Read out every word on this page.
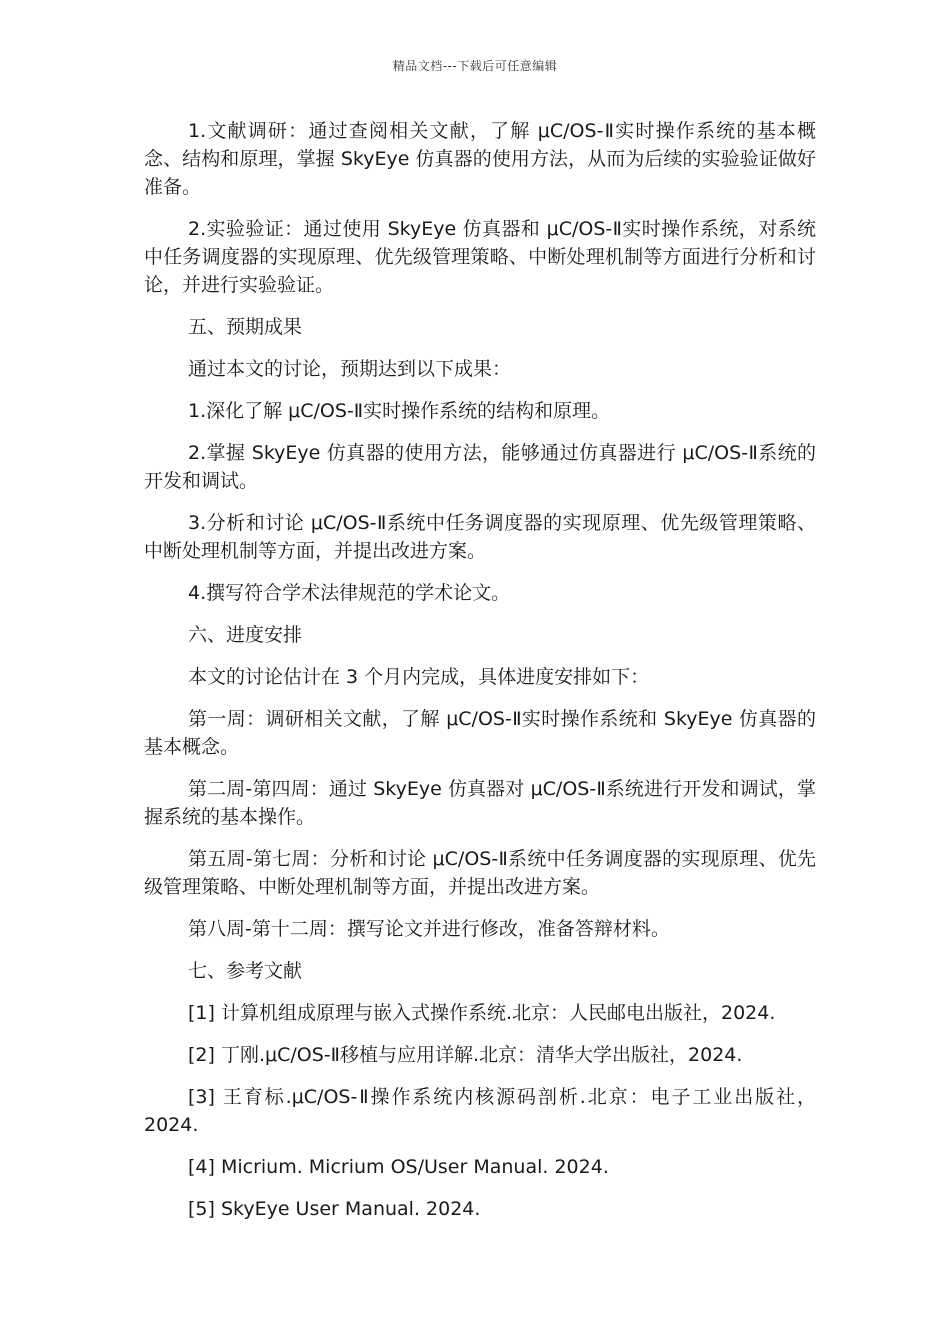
精品文档---下载后可任意编辑

1.文献调研：通过查阅相关文献，了解 μC/OS-Ⅱ实时操作系统的基本概念、结构和原理，掌握 SkyEye 仿真器的使用方法，从而为后续的实验验证做好准备。

2.实验验证：通过使用 SkyEye 仿真器和 μC/OS-Ⅱ实时操作系统，对系统中任务调度器的实现原理、优先级管理策略、中断处理机制等方面进行分析和讨论，并进行实验验证。

五、预期成果

通过本文的讨论，预期达到以下成果：

1.深化了解 μC/OS-Ⅱ实时操作系统的结构和原理。

2.掌握 SkyEye 仿真器的使用方法，能够通过仿真器进行 μC/OS-Ⅱ系统的开发和调试。

3.分析和讨论 μC/OS-Ⅱ系统中任务调度器的实现原理、优先级管理策略、中断处理机制等方面，并提出改进方案。

4.撰写符合学术法律规范的学术论文。

六、进度安排

本文的讨论估计在 3 个月内完成，具体进度安排如下：

第一周：调研相关文献，了解 μC/OS-Ⅱ实时操作系统和 SkyEye 仿真器的基本概念。

第二周-第四周：通过 SkyEye 仿真器对 μC/OS-Ⅱ系统进行开发和调试，掌握系统的基本操作。

第五周-第七周：分析和讨论 μC/OS-Ⅱ系统中任务调度器的实现原理、优先级管理策略、中断处理机制等方面，并提出改进方案。

第八周-第十二周：撰写论文并进行修改，准备答辩材料。

七、参考文献

[1] 计算机组成原理与嵌入式操作系统.北京：人民邮电出版社，2024.

[2] 丁刚.μC/OS-Ⅱ移植与应用详解.北京：清华大学出版社，2024.

[3] 王育标.μC/OS-Ⅱ操作系统内核源码剖析.北京：电子工业出版社，2024.

[4] Micrium. Micrium OS/User Manual. 2024.

[5] SkyEye User Manual. 2024.
